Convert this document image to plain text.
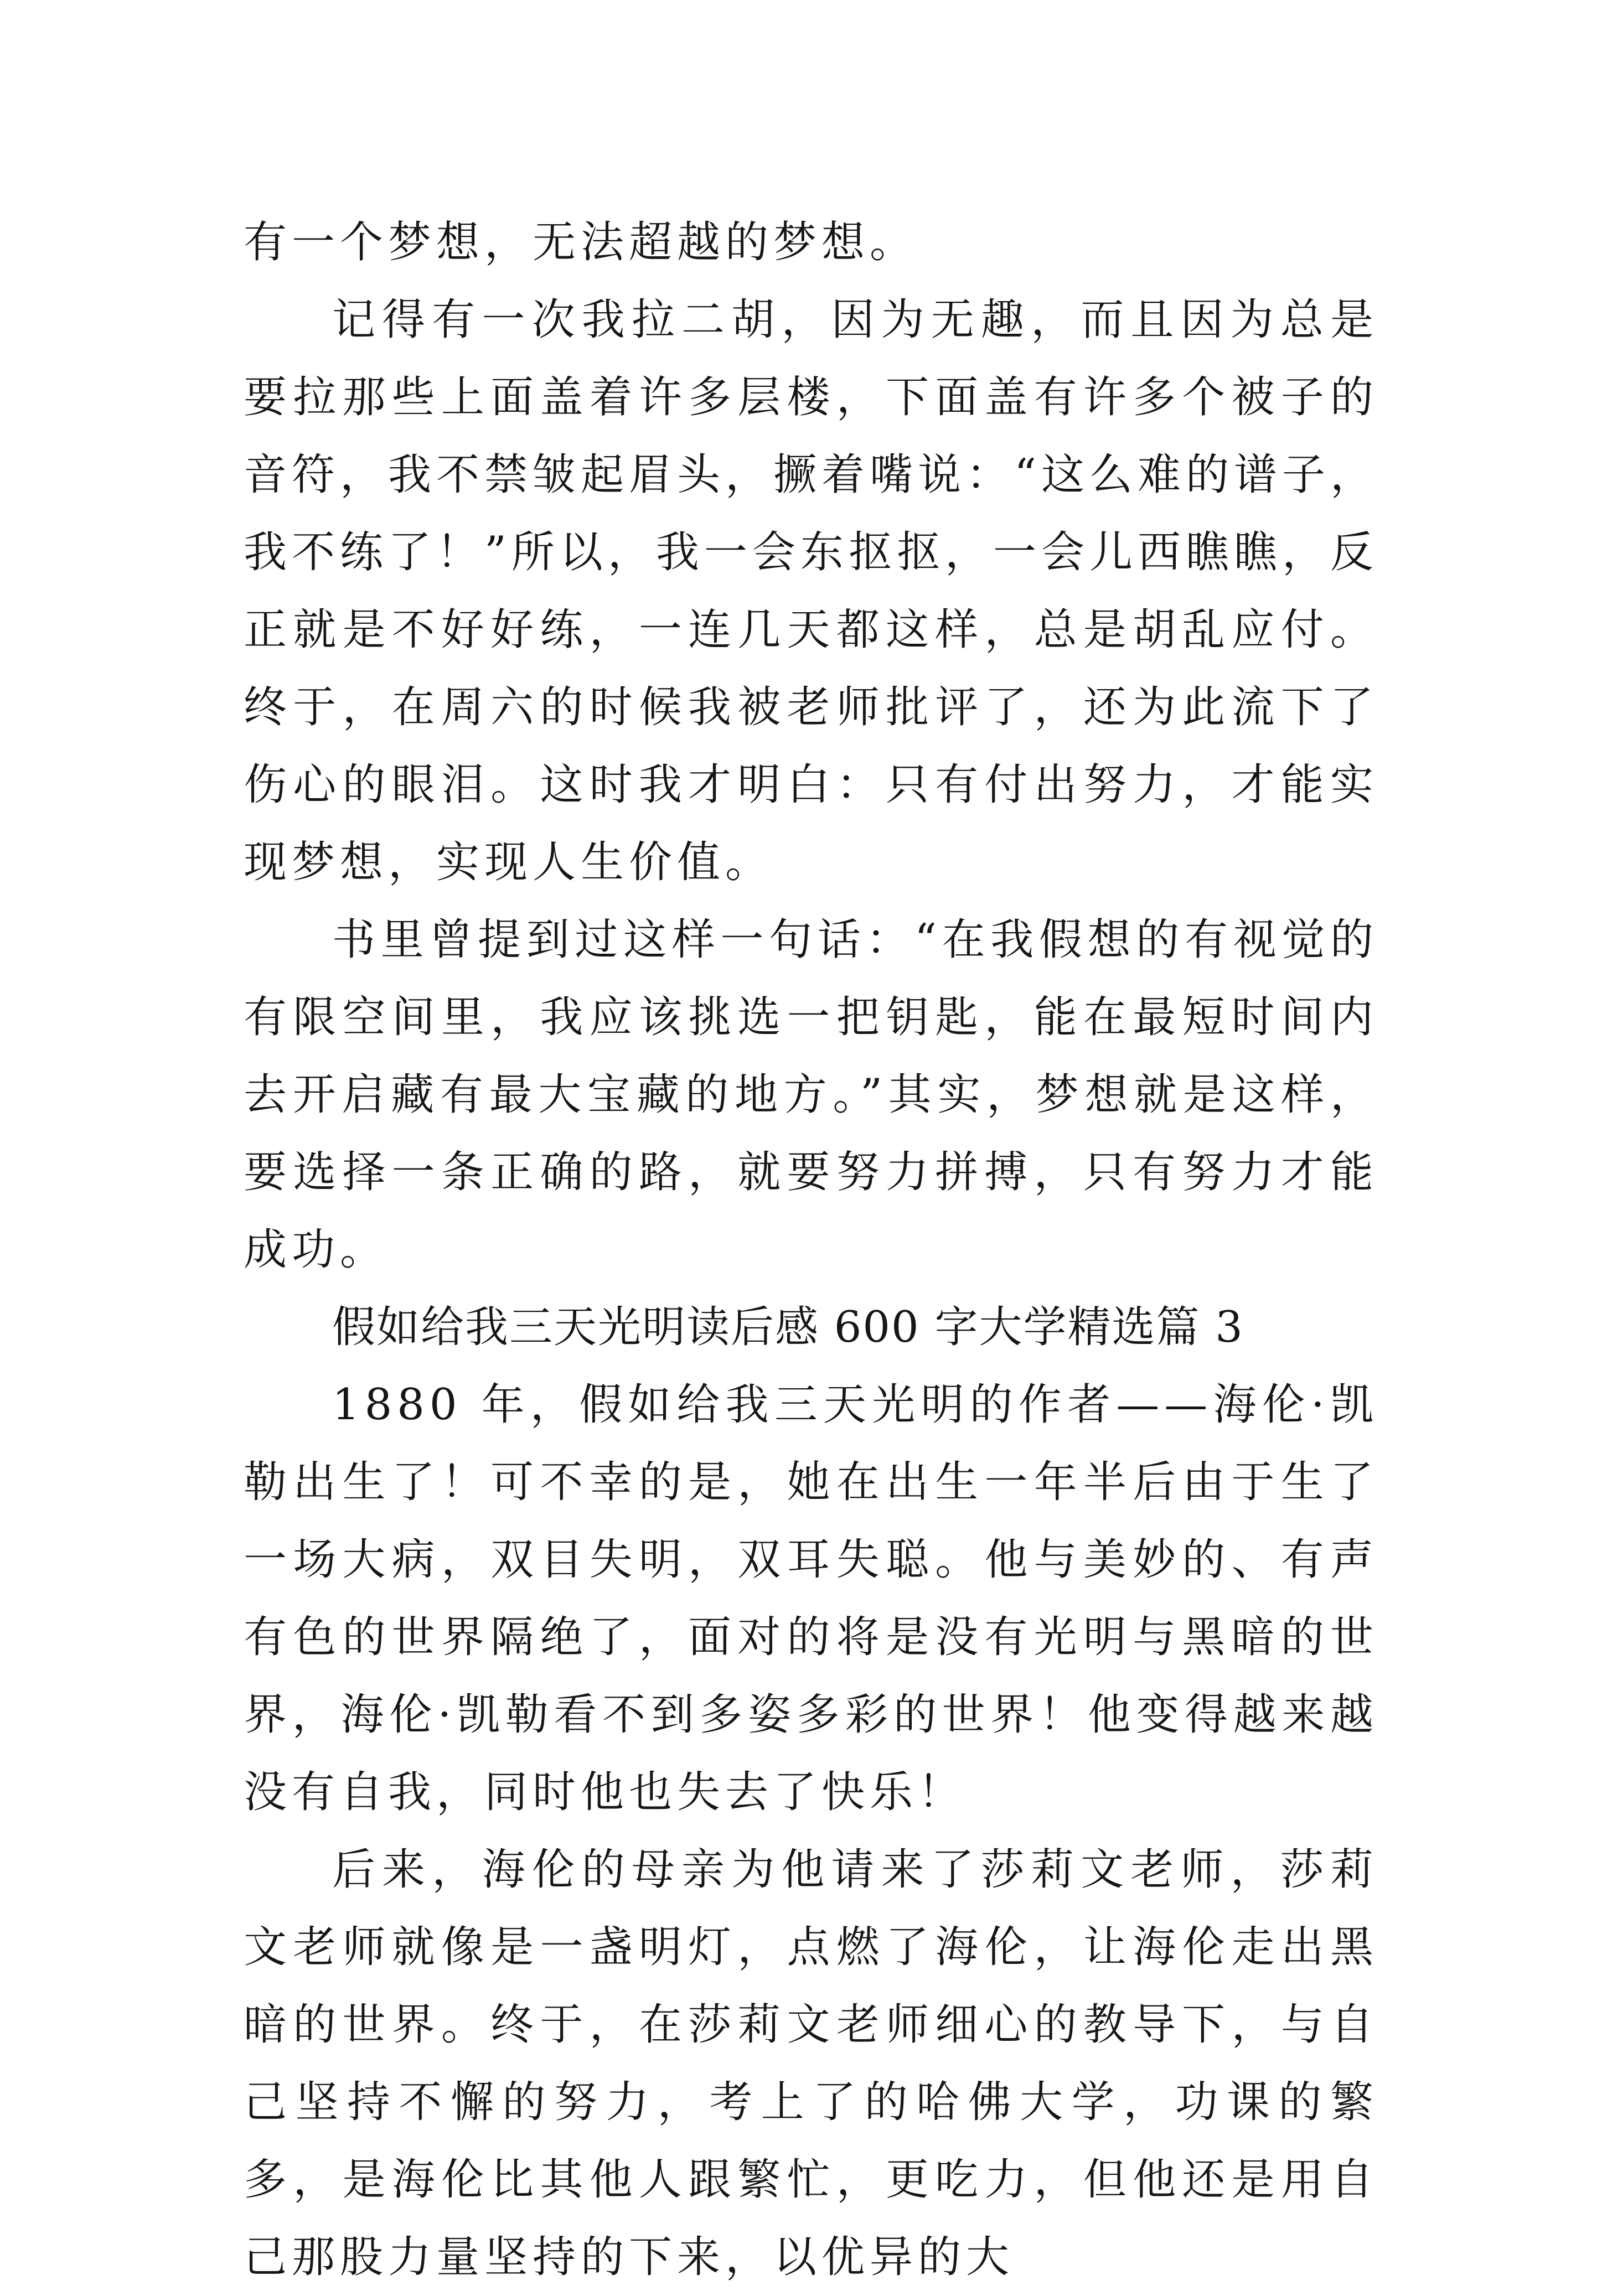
有一个梦想，无法超越的梦想。

记得有一次我拉二胡，因为无趣，而且因为总是要拉那些上面盖着许多层楼，下面盖有许多个被子的音符，我不禁皱起眉头，撅着嘴说：“这么难的谱子，我不练了！”所以，我一会东抠抠，一会儿西瞧瞧，反正就是不好好练，一连几天都这样，总是胡乱应付。终于，在周六的时候我被老师批评了，还为此流下了伤心的眼泪。这时我才明白：只有付出努力，才能实现梦想，实现人生价值。

书里曾提到过这样一句话：“在我假想的有视觉的有限空间里，我应该挑选一把钥匙，能在最短时间内去开启藏有最大宝藏的地方。”其实，梦想就是这样，要选择一条正确的路，就要努力拼搏，只有努力才能成功。

假如给我三天光明读后感 600 字大学精选篇 3

1880 年，假如给我三天光明的作者——海伦·凯勒出生了！可不幸的是，她在出生一年半后由于生了一场大病，双目失明，双耳失聪。他与美妙的、有声有色的世界隔绝了，面对的将是没有光明与黑暗的世界，海伦·凯勒看不到多姿多彩的世界！他变得越来越没有自我，同时他也失去了快乐！

后来，海伦的母亲为他请来了莎莉文老师，莎莉文老师就像是一盏明灯，点燃了海伦，让海伦走出黑暗的世界。终于，在莎莉文老师细心的教导下，与自己坚持不懈的努力，考上了的哈佛大学，功课的繁多，是海伦比其他人跟繁忙，更吃力，但他还是用自己那股力量坚持的下来，以优异的大
